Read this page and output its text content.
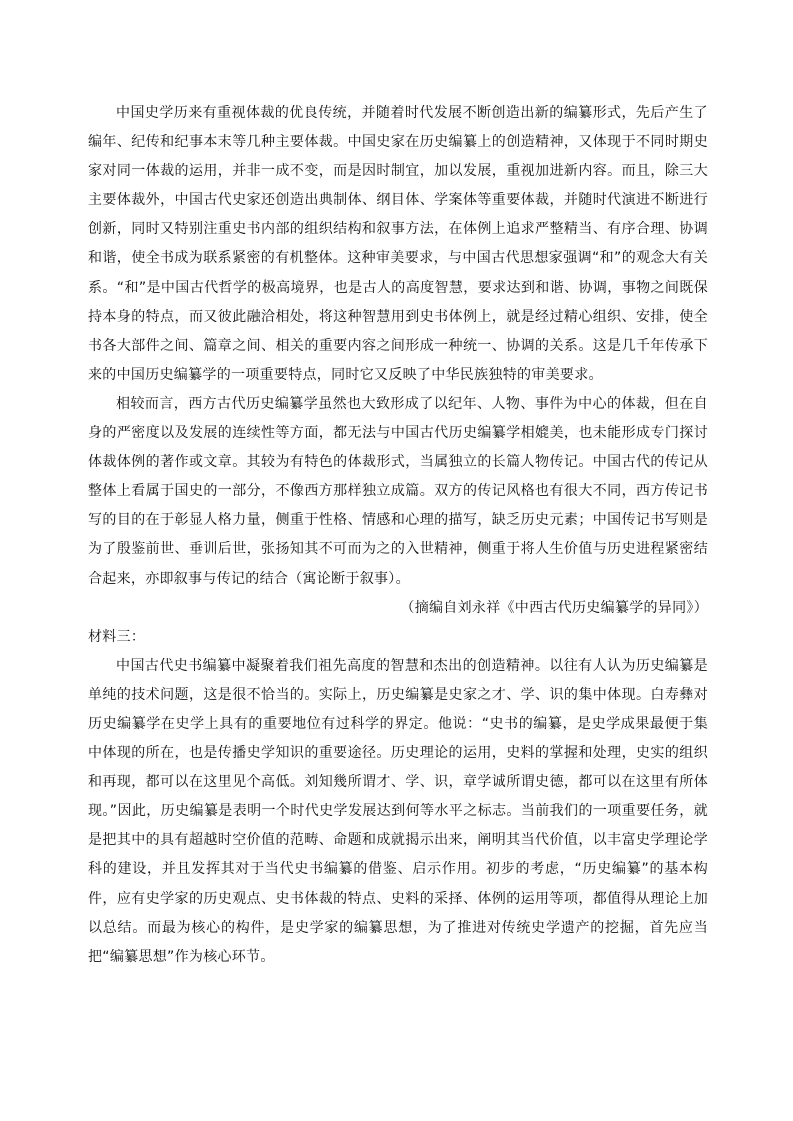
中国史学历来有重视体裁的优良传统，并随着时代发展不断创造出新的编纂形式，先后产生了编年、纪传和纪事本末等几种主要体裁。中国史家在历史编纂上的创造精神，又体现于不同时期史家对同一体裁的运用，并非一成不变，而是因时制宜，加以发展，重视加进新内容。而且，除三大主要体裁外，中国古代史家还创造出典制体、纲目体、学案体等重要体裁，并随时代演进不断进行创新，同时又特别注重史书内部的组织结构和叙事方法，在体例上追求严整精当、有序合理、协调和谐，使全书成为联系紧密的有机整体。这种审美要求，与中国古代思想家强调“和”的观念大有关系。“和”是中国古代哲学的极高境界，也是古人的高度智慧，要求达到和谐、协调，事物之间既保持本身的特点，而又彼此融洽相处，将这种智慧用到史书体例上，就是经过精心组织、安排，使全书各大部件之间、篇章之间、相关的重要内容之间形成一种统一、协调的关系。这是几千年传承下来的中国历史编纂学的一项重要特点，同时它又反映了中华民族独特的审美要求。

相较而言，西方古代历史编纂学虽然也大致形成了以纪年、人物、事件为中心的体裁，但在自身的严密度以及发展的连续性等方面，都无法与中国古代历史编纂学相媲美，也未能形成专门探讨体裁体例的著作或文章。其较为有特色的体裁形式，当属独立的长篇人物传记。中国古代的传记从整体上看属于国史的一部分，不像西方那样独立成篇。双方的传记风格也有很大不同，西方传记书写的目的在于彰显人格力量，侧重于性格、情感和心理的描写，缺乏历史元素；中国传记书写则是为了殷鉴前世、垂训后世，张扬知其不可而为之的入世精神，侧重于将人生价值与历史进程紧密结合起来，亦即叙事与传记的结合（寓论断于叙事）。

（摘编自刘永祥《中西古代历史编纂学的异同》）

材料三：

中国古代史书编纂中凝聚着我们祖先高度的智慧和杰出的创造精神。以往有人认为历史编纂是单纯的技术问题，这是很不恰当的。实际上，历史编纂是史家之才、学、识的集中体现。白寿彝对历史编纂学在史学上具有的重要地位有过科学的界定。他说：“史书的编纂，是史学成果最便于集中体现的所在，也是传播史学知识的重要途径。历史理论的运用，史料的掌握和处理，史实的组织和再现，都可以在这里见个高低。刘知幾所谓才、学、识，章学诚所谓史德，都可以在这里有所体现。”因此，历史编纂是表明一个时代史学发展达到何等水平之标志。当前我们的一项重要任务，就是把其中的具有超越时空价值的范畴、命题和成就揭示出来，阐明其当代价值，以丰富史学理论学科的建设，并且发挥其对于当代史书编纂的借鉴、启示作用。初步的考虑，“历史编纂”的基本构件，应有史学家的历史观点、史书体裁的特点、史料的采择、体例的运用等项，都值得从理论上加以总结。而最为核心的构件，是史学家的编纂思想，为了推进对传统史学遗产的挖掘，首先应当把“编纂思想”作为核心环节。
